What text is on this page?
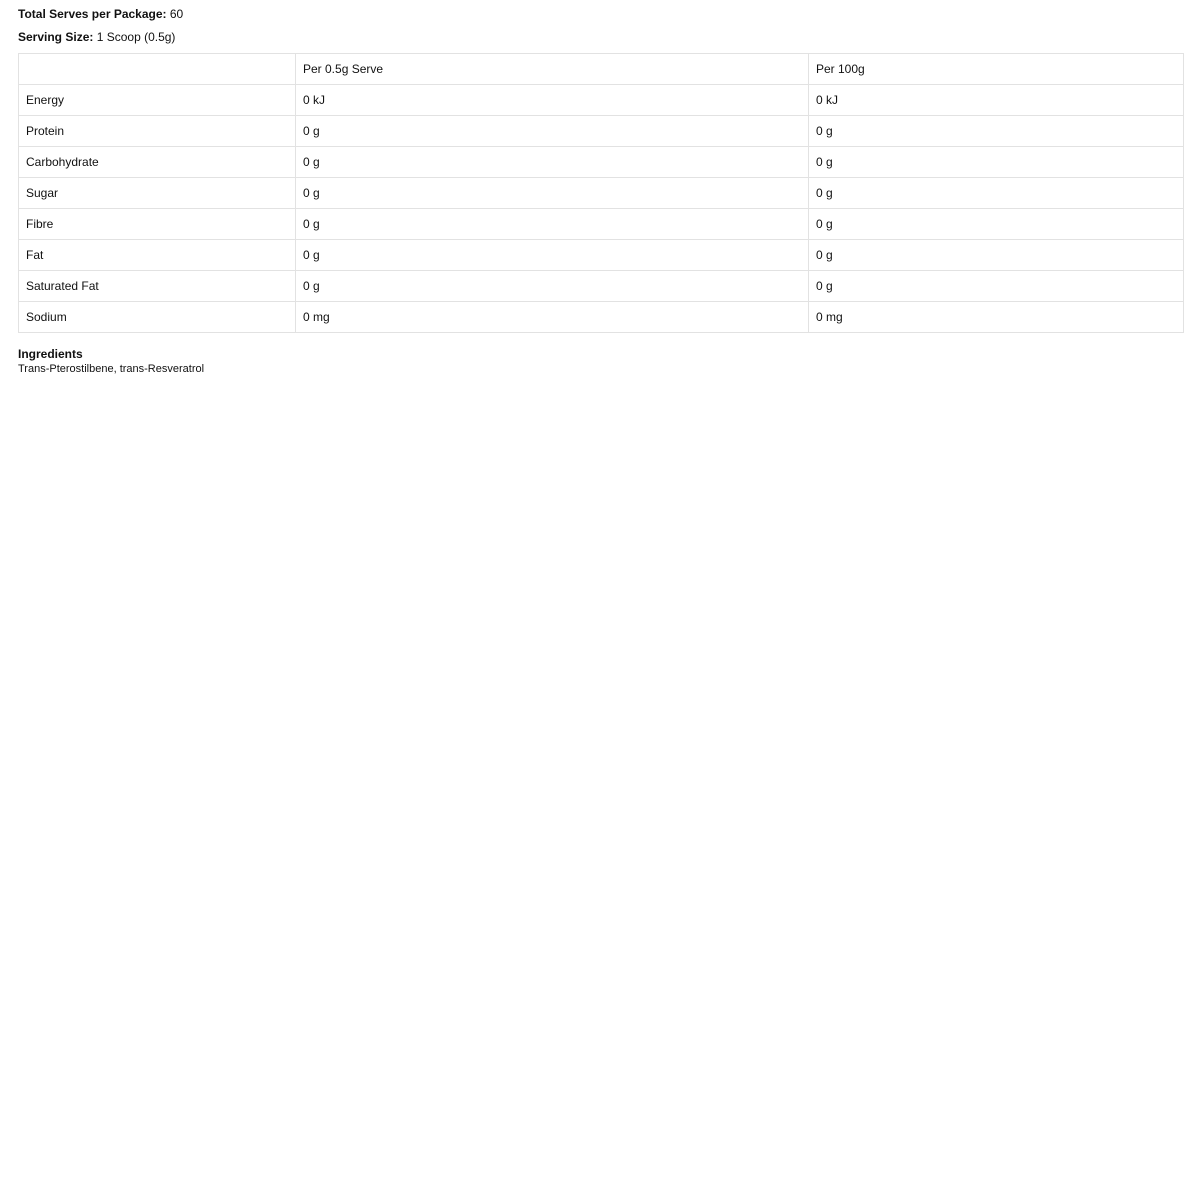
Total Serves per Package: 60
Serving Size: 1 Scoop (0.5g)
	Per 0.5g Serve	Per 100g
Energy	0 kJ	0 kJ
Protein	0 g	0 g
Carbohydrate	0 g	0 g
Sugar	0 g	0 g
Fibre	0 g	0 g
Fat	0 g	0 g
Saturated Fat	0 g	0 g
Sodium	0 mg	0 mg
Ingredients
Trans-Pterostilbene, trans-Resveratrol
